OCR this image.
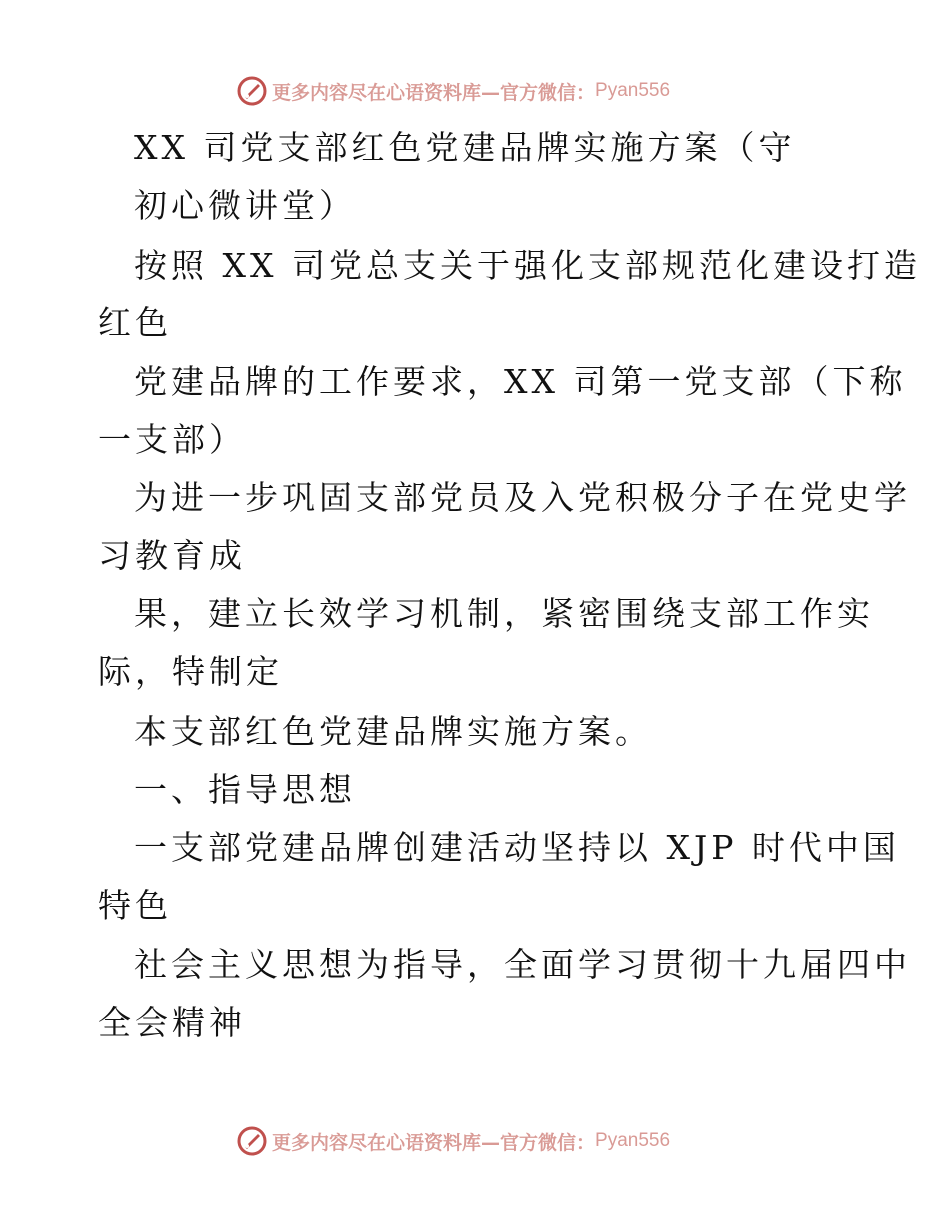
更多内容尽在心语资料库—官方微信： Pyan556
XX 司党支部红色党建品牌实施方案（守
初心微讲堂）
按照 XX 司党总支关于强化支部规范化建设打造
红色
党建品牌的工作要求，XX 司第一党支部（下称
一支部）
为进一步巩固支部党员及入党积极分子在党史学
习教育成
果，建立长效学习机制，紧密围绕支部工作实
际，特制定
本支部红色党建品牌实施方案。
一、指导思想
一支部党建品牌创建活动坚持以 XJP 时代中国
特色
社会主义思想为指导，全面学习贯彻十九届四中
全会精神
更多内容尽在心语资料库—官方微信： Pyan556
